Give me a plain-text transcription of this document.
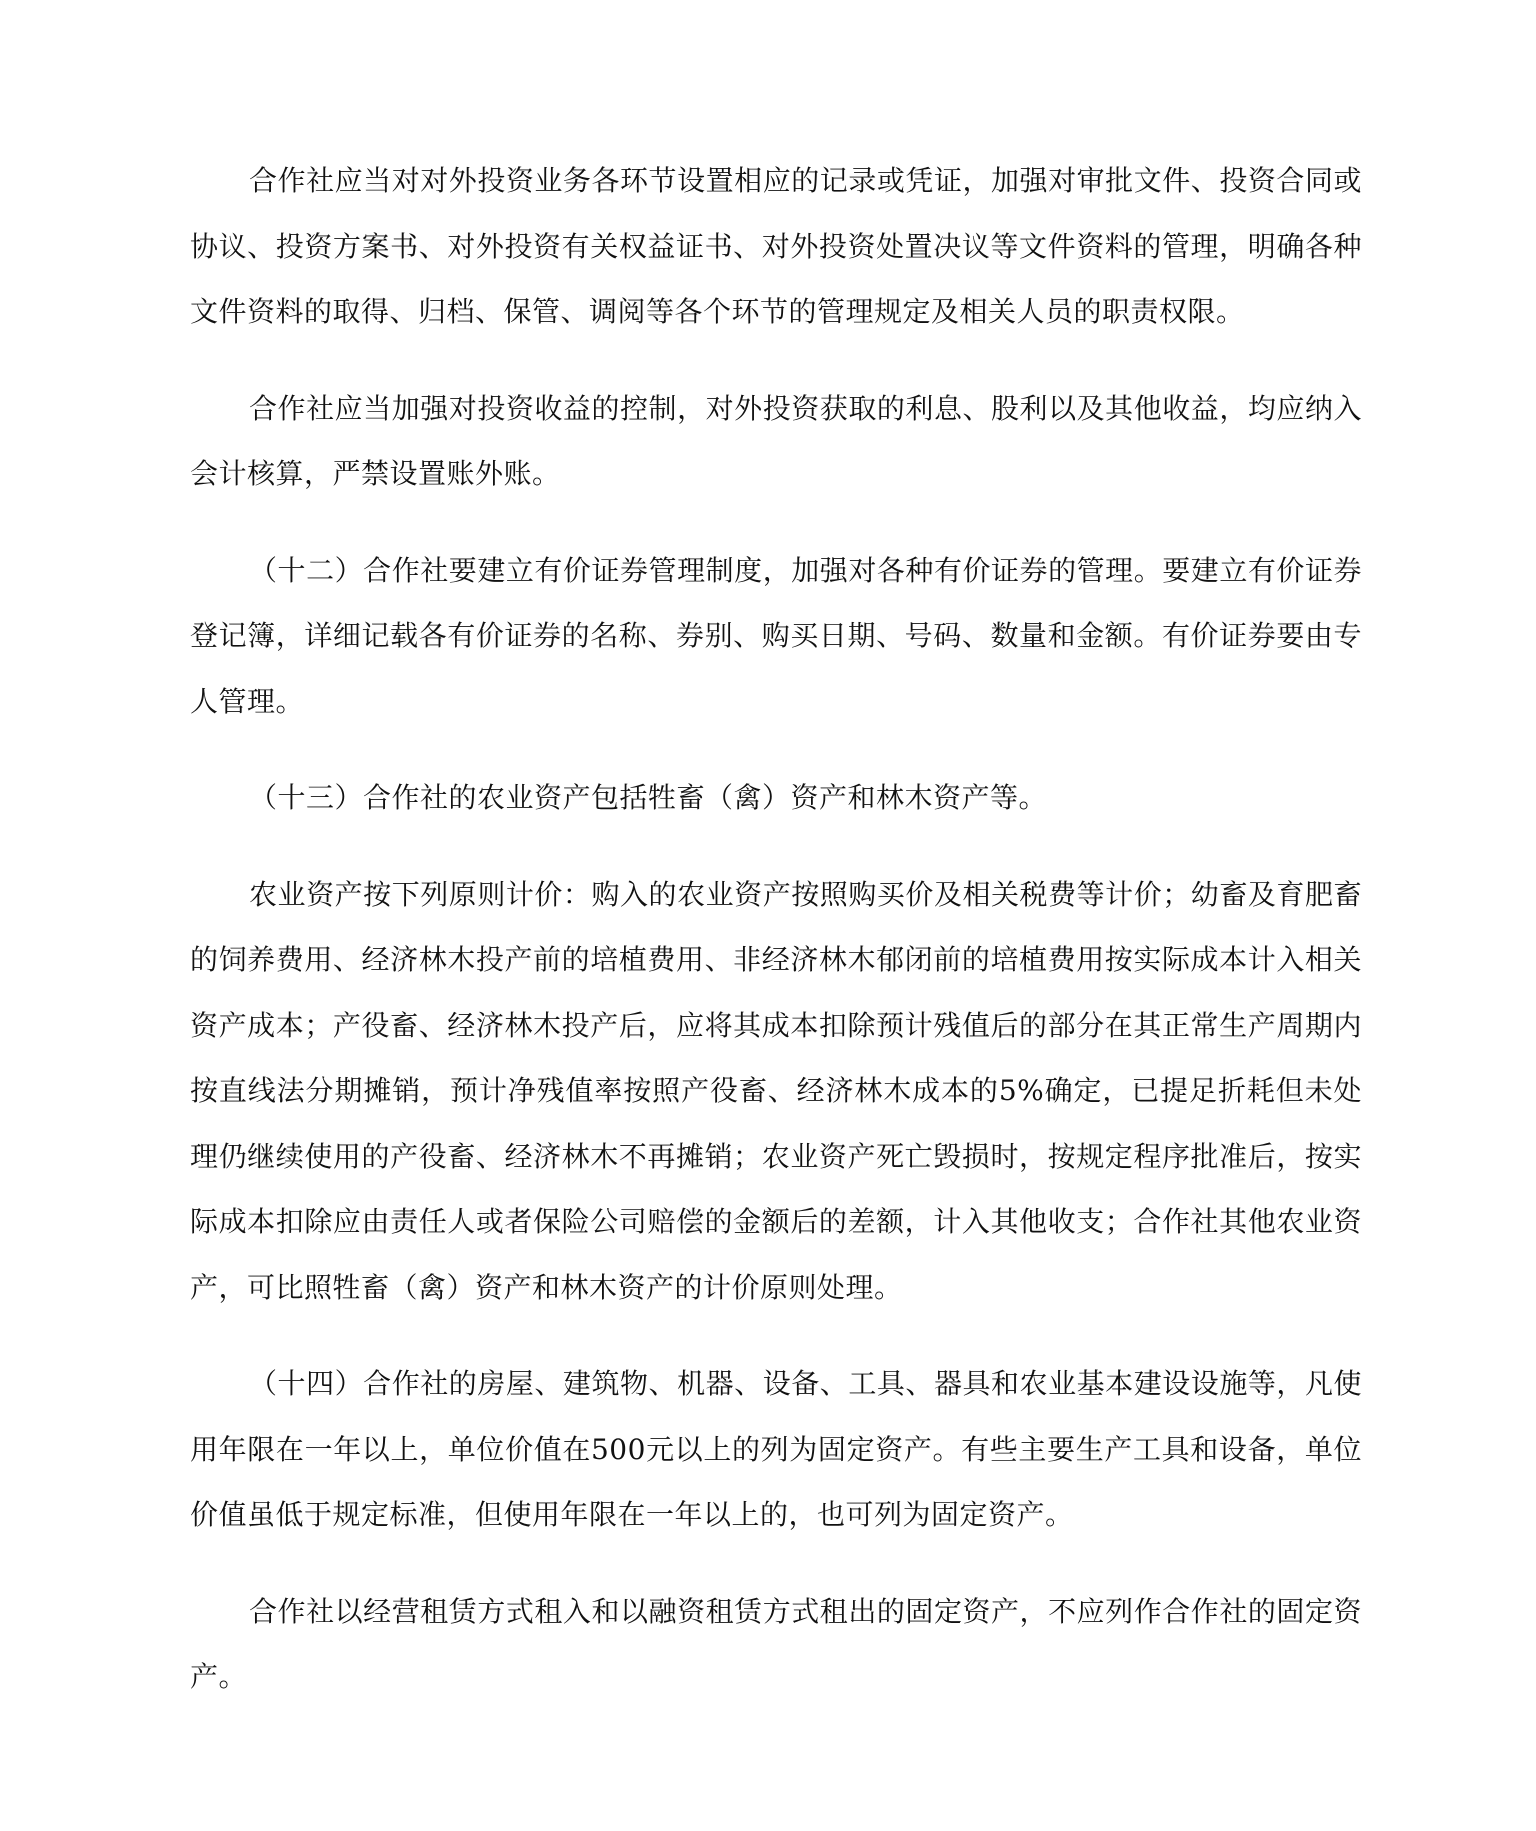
合作社应当对对外投资业务各环节设置相应的记录或凭证，加强对审批文件、投资合同或协议、投资方案书、对外投资有关权益证书、对外投资处置决议等文件资料的管理，明确各种文件资料的取得、归档、保管、调阅等各个环节的管理规定及相关人员的职责权限。

合作社应当加强对投资收益的控制，对外投资获取的利息、股利以及其他收益，均应纳入会计核算，严禁设置账外账。

（十二）合作社要建立有价证券管理制度，加强对各种有价证券的管理。要建立有价证券登记簿，详细记载各有价证券的名称、券别、购买日期、号码、数量和金额。有价证券要由专人管理。

（十三）合作社的农业资产包括牲畜（禽）资产和林木资产等。

农业资产按下列原则计价：购入的农业资产按照购买价及相关税费等计价；幼畜及育肥畜的饲养费用、经济林木投产前的培植费用、非经济林木郁闭前的培植费用按实际成本计入相关资产成本；产役畜、经济林木投产后，应将其成本扣除预计残值后的部分在其正常生产周期内按直线法分期摊销，预计净残值率按照产役畜、经济林木成本的5%确定，已提足折耗但未处理仍继续使用的产役畜、经济林木不再摊销；农业资产死亡毁损时，按规定程序批准后，按实际成本扣除应由责任人或者保险公司赔偿的金额后的差额，计入其他收支；合作社其他农业资产，可比照牲畜（禽）资产和林木资产的计价原则处理。

（十四）合作社的房屋、建筑物、机器、设备、工具、器具和农业基本建设设施等，凡使用年限在一年以上，单位价值在500元以上的列为固定资产。有些主要生产工具和设备，单位价值虽低于规定标准，但使用年限在一年以上的，也可列为固定资产。

合作社以经营租赁方式租入和以融资租赁方式租出的固定资产，不应列作合作社的固定资产。
